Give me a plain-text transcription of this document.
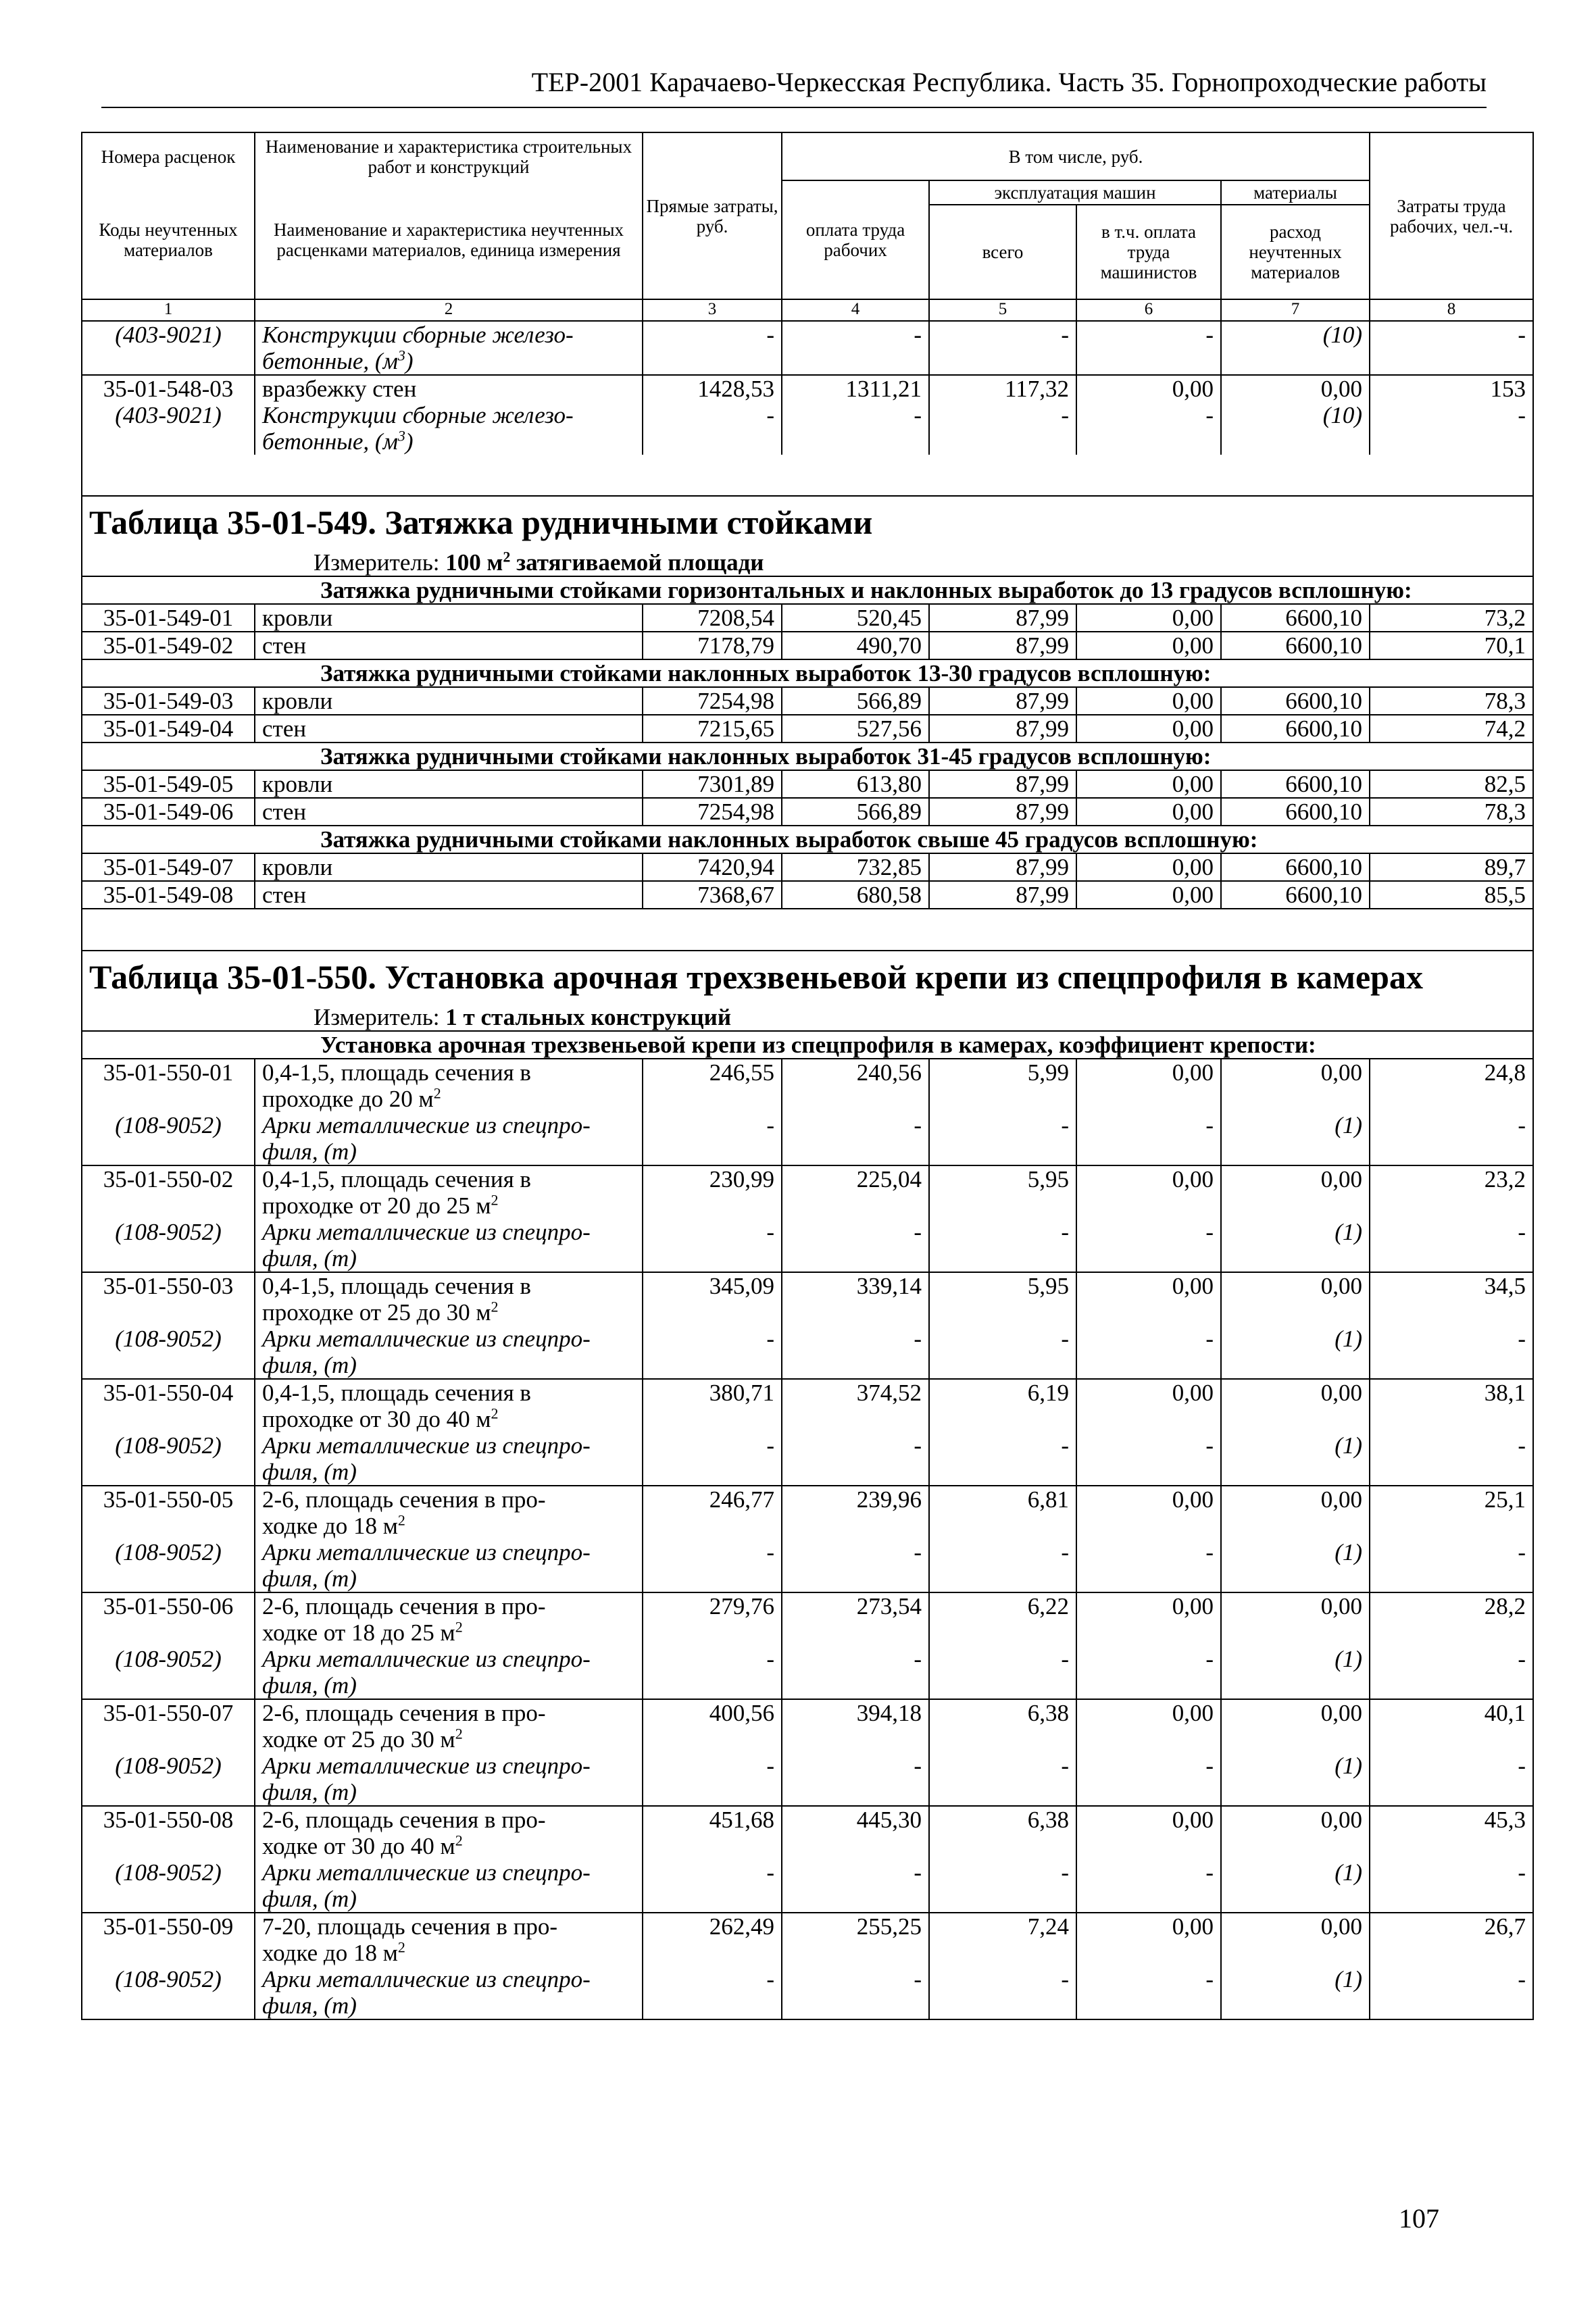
ТЕР-2001 Карачаево-Черкесская Республика. Часть 35. Горнопроходческие работы
Номера расценок	Наименование и характеристика строительных работ и конструкций	Прямые затраты, руб.	В том числе, руб.				Затраты труда рабочих, чел.-ч.
Коды неучтенных материалов	Наименование и характеристика неучтенных расценками материалов, единица измерения		оплата труда рабочих	эксплуатация машин		материалы	
				всего	в т.ч. оплата труда машинистов	расход неучтенных материалов	
1	2	3	4	5	6	7	8
(403-9021)	Конструкции сборные железо-	-	-	-	-	(10)	-
	бетонные, $(м^3)$						
35-01-548-03	вразбежку стен	1428,53	1311,21	117,32	0,00	0,00	153
(403-9021)	Конструкции сборные железо-	-	-	-	-	(10)	-
	бетонные, $(м^3)$						

Таблица 35-01-549. Затяжка рудничными стойками							
Измеритель: 100 $м^2$ затягиваемой площади							
Затяжка рудничными стойками горизонтальных и наклонных выработок до 13 градусов всплошную:							
35-01-549-01	кровли	7208,54	520,45	87,99	0,00	6600,10	73,2
35-01-549-02	стен	7178,79	490,70	87,99	0,00	6600,10	70,1
Затяжка рудничными стойками наклонных выработок 13-30 градусов всплошную:							
35-01-549-03	кровли	7254,98	566,89	87,99	0,00	6600,10	78,3
35-01-549-04	стен	7215,65	527,56	87,99	0,00	6600,10	74,2
Затяжка рудничными стойками наклонных выработок 31-45 градусов всплошную:							
35-01-549-05	кровли	7301,89	613,80	87,99	0,00	6600,10	82,5
35-01-549-06	стен	7254,98	566,89	87,99	0,00	6600,10	78,3
Затяжка рудничными стойками наклонных выработок свыше 45 градусов всплошную:							
35-01-549-07	кровли	7420,94	732,85	87,99	0,00	6600,10	89,7
35-01-549-08	стен	7368,67	680,58	87,99	0,00	6600,10	85,5

Таблица 35-01-550. Установка арочная трехзвеньевой крепи из спецпрофиля в камерах							
Измеритель: 1 т стальных конструкций							
Установка арочная трехзвеньевой крепи из спецпрофиля в камерах, коэффициент крепости:							
35-01-550-01	0,4-1,5, площадь сечения в	246,55	240,56	5,99	0,00	0,00	24,8
	проходке до 20 $м^2$						
(108-9052)	Арки металлические из спецпро-	-	-	-	-	(1)	-
	филя, (т)						
35-01-550-02	0,4-1,5, площадь сечения в	230,99	225,04	5,95	0,00	0,00	23,2
	проходке от 20 до 25 $м^2$						
(108-9052)	Арки металлические из спецпро-	-	-	-	-	(1)	-
	филя, (т)						
35-01-550-03	0,4-1,5, площадь сечения в	345,09	339,14	5,95	0,00	0,00	34,5
	проходке от 25 до 30 $м^2$						
(108-9052)	Арки металлические из спецпро-	-	-	-	-	(1)	-
	филя, (т)						
35-01-550-04	0,4-1,5, площадь сечения в	380,71	374,52	6,19	0,00	0,00	38,1
	проходке от 30 до 40 $м^2$						
(108-9052)	Арки металлические из спецпро-	-	-	-	-	(1)	-
	филя, (т)						
35-01-550-05	2-6, площадь сечения в про-	246,77	239,96	6,81	0,00	0,00	25,1
	ходке до 18 $м^2$						
(108-9052)	Арки металлические из спецпро-	-	-	-	-	(1)	-
	филя, (т)						
35-01-550-06	2-6, площадь сечения в про-	279,76	273,54	6,22	0,00	0,00	28,2
	ходке от 18 до 25 $м^2$						
(108-9052)	Арки металлические из спецпро-	-	-	-	-	(1)	-
	филя, (т)						
35-01-550-07	2-6, площадь сечения в про-	400,56	394,18	6,38	0,00	0,00	40,1
	ходке от 25 до 30 $м^2$						
(108-9052)	Арки металлические из спецпро-	-	-	-	-	(1)	-
	филя, (т)						
35-01-550-08	2-6, площадь сечения в про-	451,68	445,30	6,38	0,00	0,00	45,3
	ходке от 30 до 40 $м^2$						
(108-9052)	Арки металлические из спецпро-	-	-	-	-	(1)	-
	филя, (т)						
35-01-550-09	7-20, площадь сечения в про-	262,49	255,25	7,24	0,00	0,00	26,7
	ходке до 18 $м^2$						
(108-9052)	Арки металлические из спецпро-	-	-	-	-	(1)	-
	филя, (т)						
107
